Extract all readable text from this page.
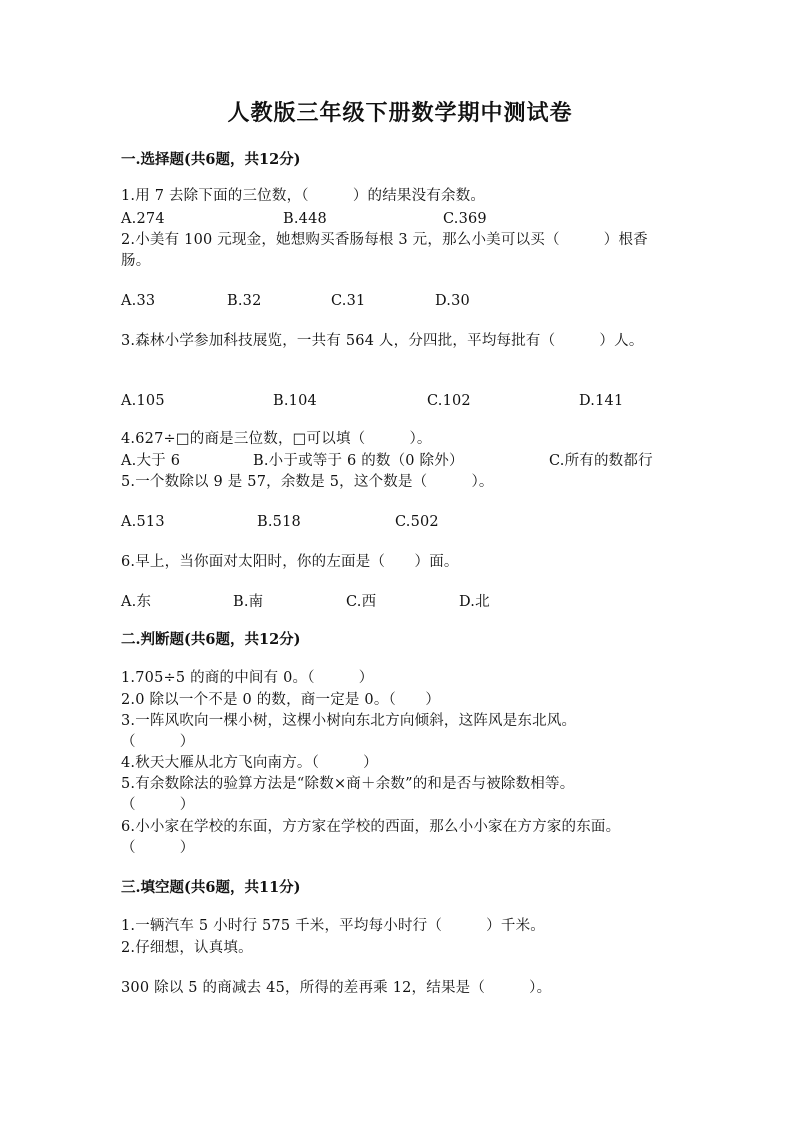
人教版三年级下册数学期中测试卷
一.选择题(共6题，共12分)
1.用 7 去除下面的三位数，（　　　）的结果没有余数。
A.274	B.448	C.369
2.小美有 100 元现金，她想购买香肠每根 3 元，那么小美可以买（　　　）根香
肠。
A.33	B.32	C.31	D.30
3.森林小学参加科技展览，一共有 564 人，分四批，平均每批有（　　　）人。
A.105	B.104	C.102	D.141
4.627÷□的商是三位数，□可以填（　　　）。
A.大于 6	B.小于或等于 6 的数（0 除外）	C.所有的数都行
5.一个数除以 9 是 57，余数是 5，这个数是（　　　）。
A.513	B.518	C.502
6.早上，当你面对太阳时，你的左面是（　　）面。
A.东	B.南	C.西	D.北
二.判断题(共6题，共12分)
1.705÷5 的商的中间有 0。（　　　）
2.0 除以一个不是 0 的数，商一定是 0。（　　）
3.一阵风吹向一棵小树，这棵小树向东北方向倾斜，这阵风是东北风。
（　　　）
4.秋天大雁从北方飞向南方。（　　　）
5.有余数除法的验算方法是“除数×商＋余数”的和是否与被除数相等。
（　　　）
6.小小家在学校的东面，方方家在学校的西面，那么小小家在方方家的东面。
（　　　）
三.填空题(共6题，共11分)
1.一辆汽车 5 小时行 575 千米，平均每小时行（　　　）千米。
2.仔细想，认真填。
300 除以 5 的商减去 45，所得的差再乘 12，结果是（　　　）。
